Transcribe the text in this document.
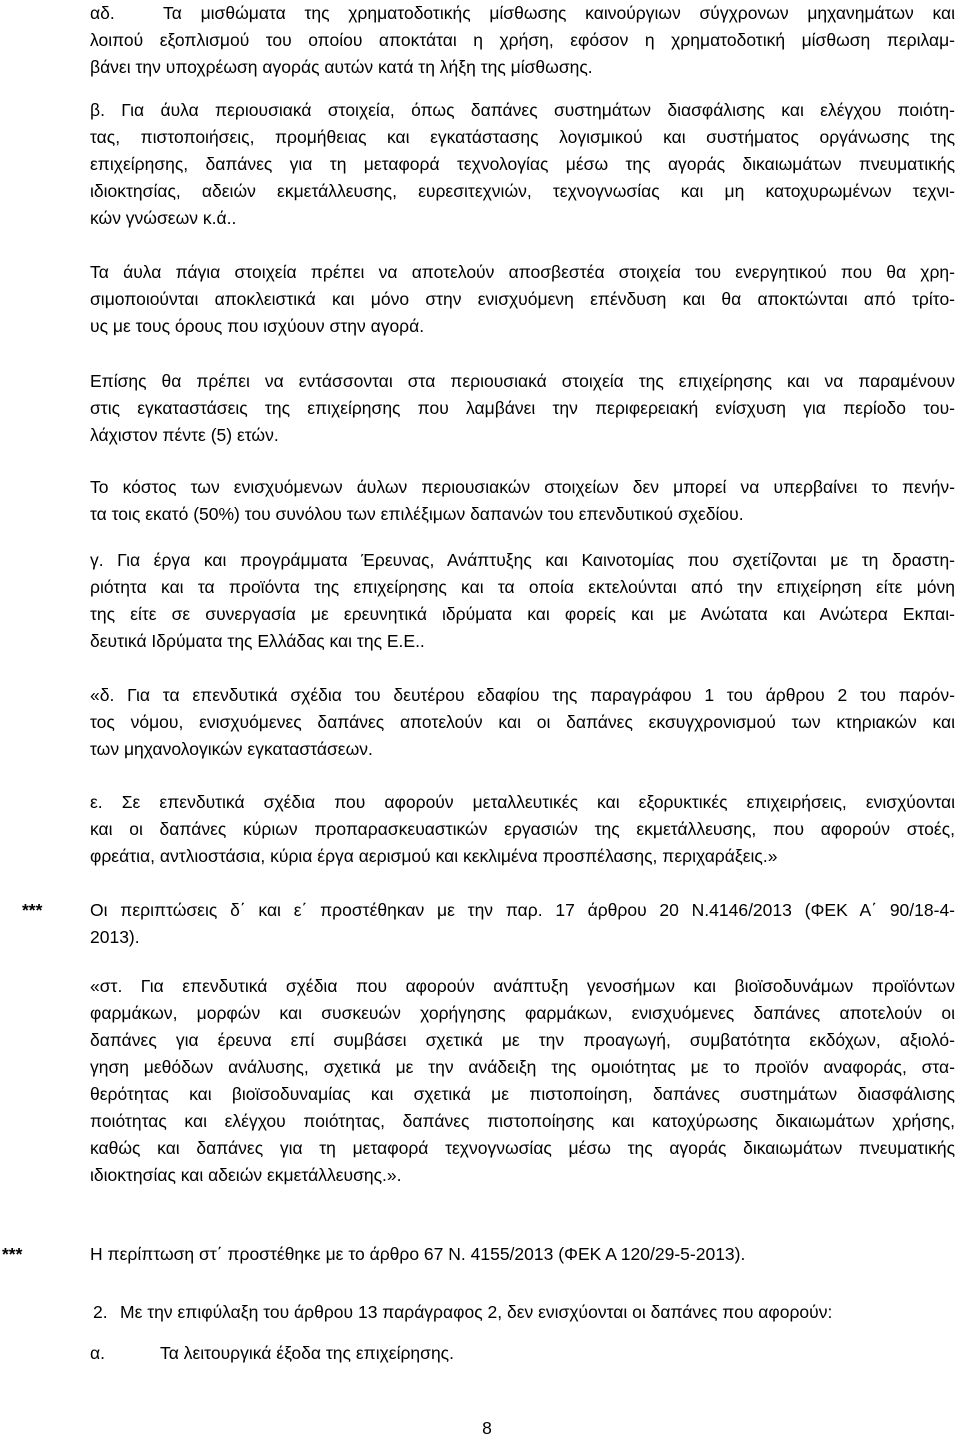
αδ.	Τα μισθώματα της χρηματοδοτικής μίσθωσης καινούργιων σύγχρονων μηχανημάτων και
λοιπού εξοπλισμού του οποίου αποκτάται η χρήση, εφόσον η χρηματοδοτική μίσθωση περιλαμ-
βάνει την υποχρέωση αγοράς αυτών κατά τη λήξη της μίσθωσης.
β. Για άυλα περιουσιακά στοιχεία, όπως δαπάνες συστημάτων διασφάλισης και ελέγχου ποιότη-
τας, πιστοποιήσεις, προμήθειας και εγκατάστασης λογισμικού και συστήματος οργάνωσης της
επιχείρησης, δαπάνες για τη μεταφορά τεχνολογίας μέσω της αγοράς δικαιωμάτων πνευματικής
ιδιοκτησίας, αδειών εκμετάλλευσης, ευρεσιτεχνιών, τεχνογνωσίας και μη κατοχυρωμένων τεχνι-
κών γνώσεων κ.ά..
Τα άυλα πάγια στοιχεία πρέπει να αποτελούν αποσβεστέα στοιχεία του ενεργητικού που θα χρη-
σιμοποιούνται αποκλειστικά και μόνο στην ενισχυόμενη επένδυση και θα αποκτώνται από τρίτο-
υς με τους όρους που ισχύουν στην αγορά.
Επίσης θα πρέπει να εντάσσονται στα περιουσιακά στοιχεία της επιχείρησης και να παραμένουν
στις εγκαταστάσεις της επιχείρησης που λαμβάνει την περιφερειακή ενίσχυση για περίοδο του-
λάχιστον πέντε (5) ετών.
Το κόστος των ενισχυόμενων άυλων περιουσιακών στοιχείων δεν μπορεί να υπερβαίνει το πενήν-
τα τοις εκατό (50%) του συνόλου των επιλέξιμων δαπανών του επενδυτικού σχεδίου.
γ. Για έργα και προγράμματα Έρευνας, Ανάπτυξης και Καινοτομίας που σχετίζονται με τη δραστη-
ριότητα και τα προϊόντα της επιχείρησης και τα οποία εκτελούνται από την επιχείρηση είτε μόνη
της είτε σε συνεργασία με ερευνητικά ιδρύματα και φορείς και με Ανώτατα και Ανώτερα Εκπαι-
δευτικά Ιδρύματα της Ελλάδας και της Ε.Ε..
«δ. Για τα επενδυτικά σχέδια του δευτέρου εδαφίου της παραγράφου 1 του άρθρου 2 του παρόν-
τος νόμου, ενισχυόμενες δαπάνες αποτελούν και οι δαπάνες εκσυγχρονισμού των κτηριακών και
των μηχανολογικών εγκαταστάσεων.
ε. Σε επενδυτικά σχέδια που αφορούν μεταλλευτικές και εξορυκτικές επιχειρήσεις, ενισχύονται
και οι δαπάνες κύριων προπαρασκευαστικών εργασιών της εκμετάλλευσης, που αφορούν στοές,
φρεάτια, αντλιοστάσια, κύρια έργα αερισμού και κεκλιμένα προσπέλασης, περιχαράξεις.»
***	Οι περιπτώσεις δ΄ και ε΄ προστέθηκαν με την παρ. 17 άρθρου 20 Ν.4146/2013 (ΦΕΚ Α΄ 90/18-4-
2013).
«στ. Για επενδυτικά σχέδια που αφορούν ανάπτυξη γενοσήμων και βιοϊσοδυνάμων προϊόντων
φαρμάκων, μορφών και συσκευών χορήγησης φαρμάκων, ενισχυόμενες δαπάνες αποτελούν οι
δαπάνες για έρευνα επί συμβάσει σχετικά με την προαγωγή, συμβατότητα εκδόχων, αξιολό-
γηση μεθόδων ανάλυσης, σχετικά με την ανάδειξη της ομοιότητας με το προϊόν αναφοράς, στα-
θερότητας και βιοϊσοδυναμίας και σχετικά με πιστοποίηση, δαπάνες συστημάτων διασφάλισης
ποιότητας και ελέγχου ποιότητας, δαπάνες πιστοποίησης και κατοχύρωσης δικαιωμάτων χρήσης,
καθώς και δαπάνες για τη μεταφορά τεχνογνωσίας μέσω της αγοράς δικαιωμάτων πνευματικής
ιδιοκτησίας και αδειών εκμετάλλευσης.».
***	Η περίπτωση στ΄ προστέθηκε με το άρθρο 67 Ν. 4155/2013 (ΦΕΚ Α 120/29-5-2013).
2. Με την επιφύλαξη του άρθρου 13 παράγραφος 2, δεν ενισχύονται οι δαπάνες που αφορούν:
α.	Τα λειτουργικά έξοδα της επιχείρησης.
8
